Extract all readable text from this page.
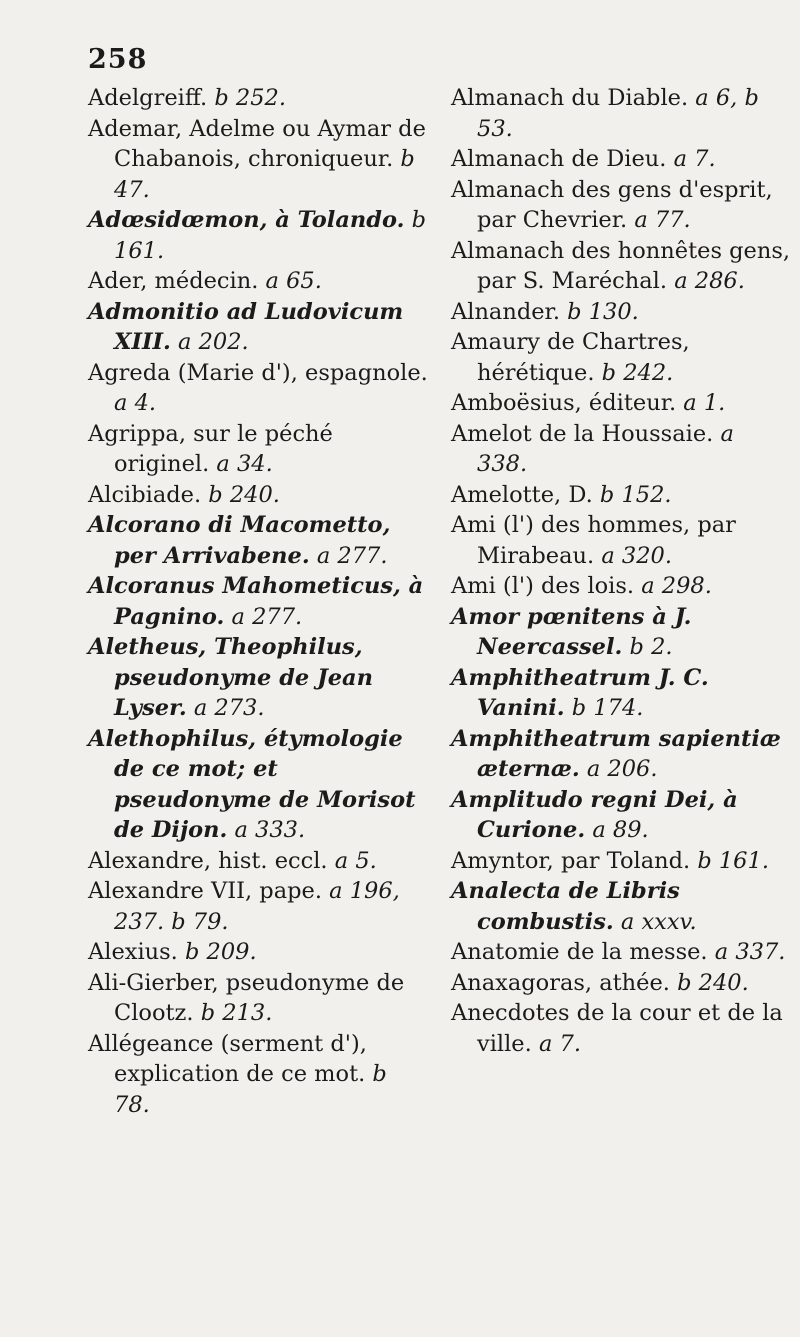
258

Adelgreiff. b 252.

Ademar, Adelme ou Aymar de Chabanois, chroniqueur. b 47.

Adœsidœmon, à Tolando. b 161.

Ader, médecin. a 65.

Admonitio ad Ludovicum XIII. a 202.

Agreda (Marie d'), espagnole. a 4.

Agrippa, sur le péché originel. a 34.

Alcibiade. b 240.

Alcorano di Macometto, per Arrivabene. a 277.

Alcoranus Mahometicus, à Pagnino. a 277.

Aletheus, Theophilus, pseudonyme de Jean Lyser. a 273.

Alethophilus, étymologie de ce mot; et pseudonyme de Morisot de Dijon. a 333.

Alexandre, hist. eccl. a 5.

Alexandre VII, pape. a 196, 237. b 79.

Alexius. b 209.

Ali-Gierber, pseudonyme de Clootz. b 213.

Allégeance (serment d'), explication de ce mot. b 78.

Almanach du Diable. a 6, b 53.

Almanach de Dieu. a 7.

Almanach des gens d'esprit, par Chevrier. a 77.

Almanach des honnêtes gens, par S. Maréchal. a 286.

Alnander. b 130.

Amaury de Chartres, hérétique. b 242.

Amboësius, éditeur. a 1.

Amelot de la Houssaie. a 338.

Amelotte, D. b 152.

Ami (l') des hommes, par Mirabeau. a 320.

Ami (l') des lois. a 298.

Amor pœnitens à J. Neercassel. b 2.

Amphitheatrum J. C. Vanini. b 174.

Amphitheatrum sapientiæ æternæ. a 206.

Amplitudo regni Dei, à Curione. a 89.

Amyntor, par Toland. b 161.

Analecta de Libris combustis. a xxxv.

Anatomie de la messe. a 337.

Anaxagoras, athée. b 240.

Anecdotes de la cour et de la ville. a 7.
